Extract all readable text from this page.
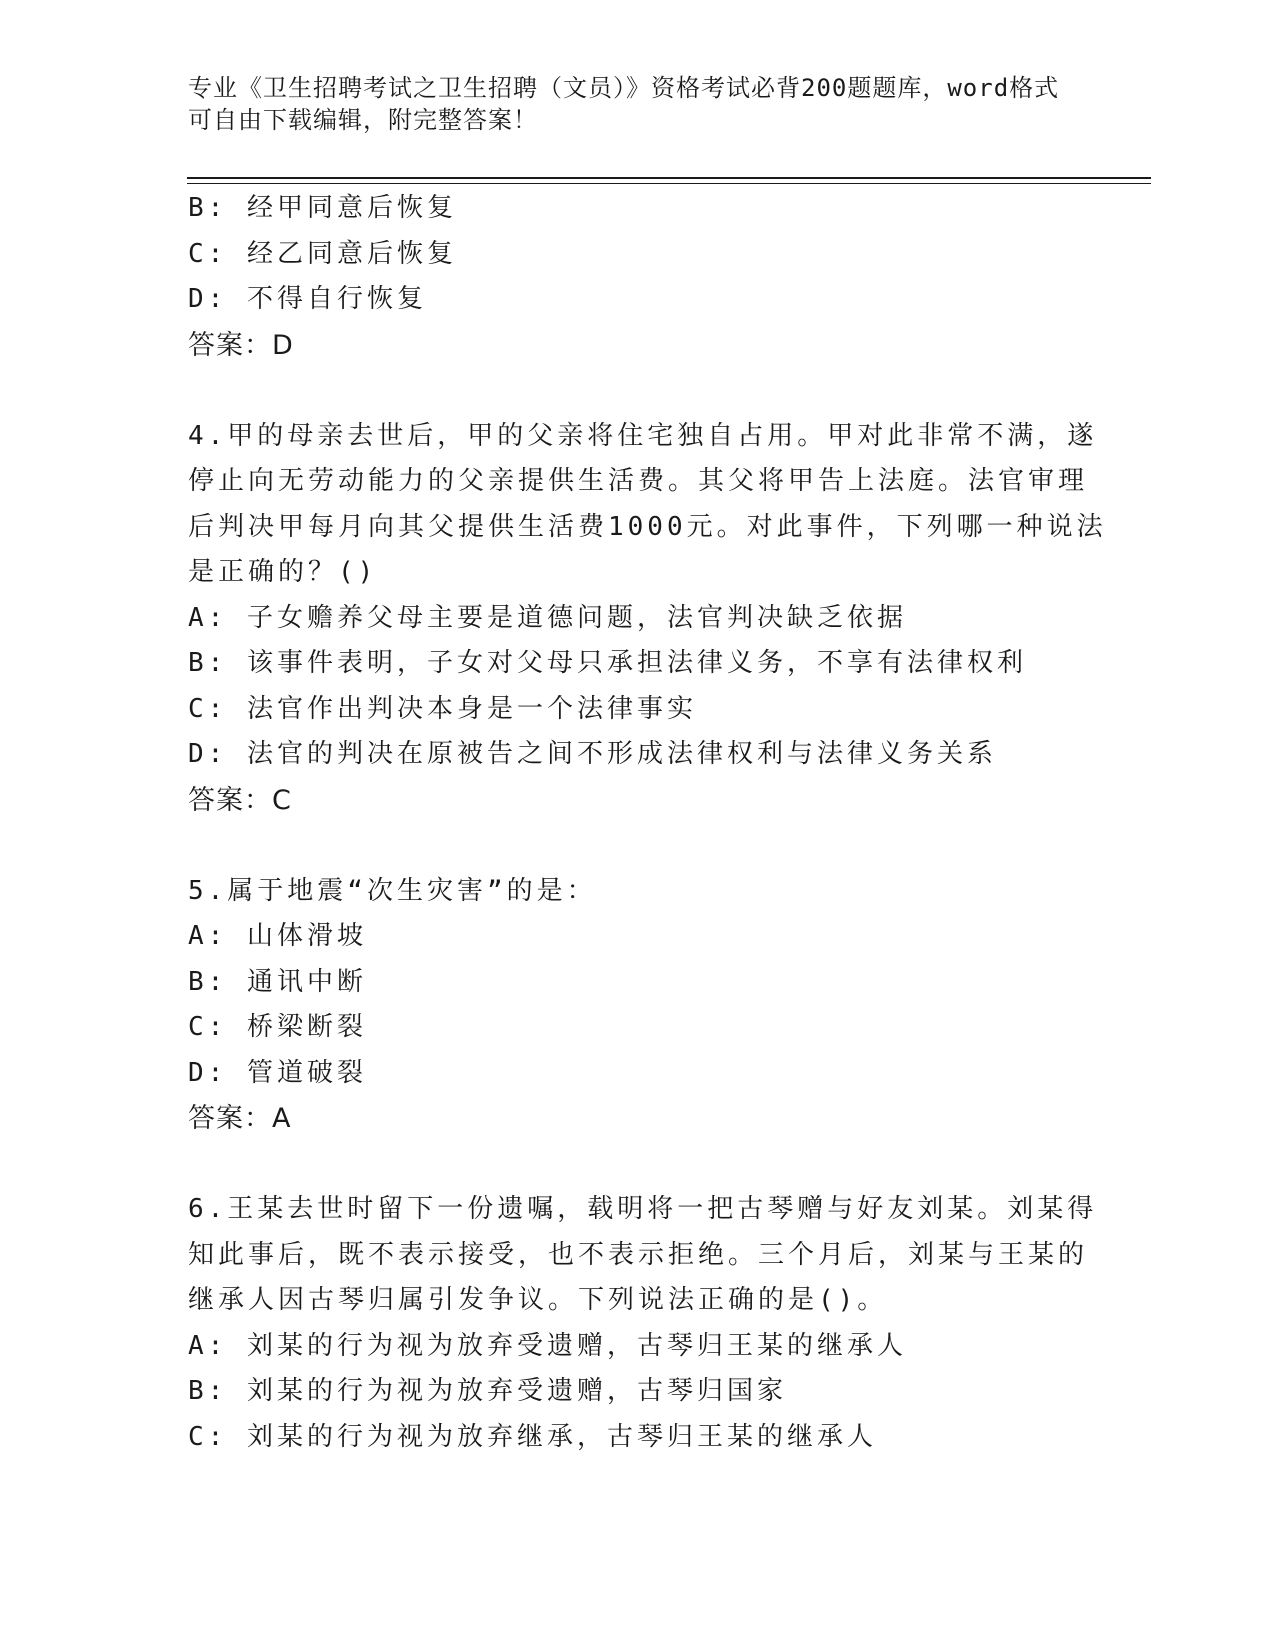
专业《卫生招聘考试之卫生招聘（文员）》资格考试必背200题题库，word格式
可自由下载编辑，附完整答案！
B: 经甲同意后恢复
C: 经乙同意后恢复
D: 不得自行恢复
答案：D
4.甲的母亲去世后，甲的父亲将住宅独自占用。甲对此非常不满，遂
停止向无劳动能力的父亲提供生活费。其父将甲告上法庭。法官审理
后判决甲每月向其父提供生活费1000元。对此事件，下列哪一种说法
是正确的？()
A: 子女赡养父母主要是道德问题，法官判决缺乏依据
B: 该事件表明，子女对父母只承担法律义务，不享有法律权利
C: 法官作出判决本身是一个法律事实
D: 法官的判决在原被告之间不形成法律权利与法律义务关系
答案：C
5.属于地震“次生灾害”的是：
A: 山体滑坡
B: 通讯中断
C: 桥梁断裂
D: 管道破裂
答案：A
6.王某去世时留下一份遗嘱，载明将一把古琴赠与好友刘某。刘某得
知此事后，既不表示接受，也不表示拒绝。三个月后，刘某与王某的
继承人因古琴归属引发争议。下列说法正确的是()。
A: 刘某的行为视为放弃受遗赠，古琴归王某的继承人
B: 刘某的行为视为放弃受遗赠，古琴归国家
C: 刘某的行为视为放弃继承，古琴归王某的继承人
